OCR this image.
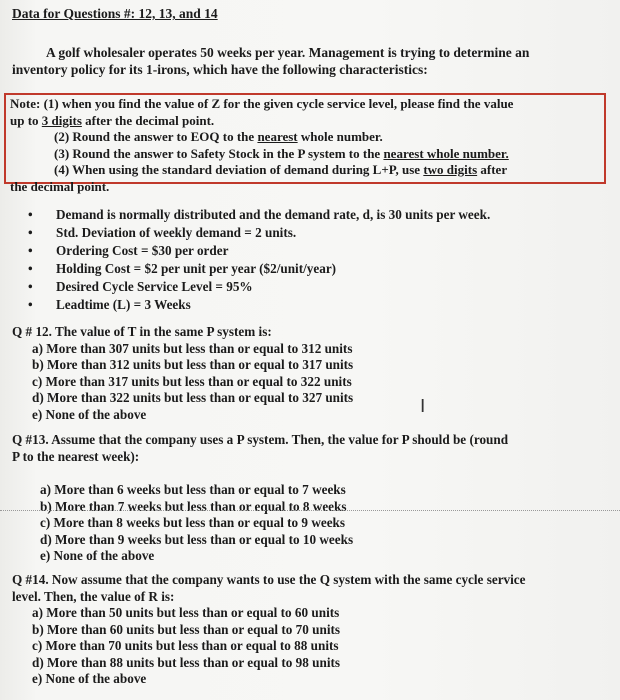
Data for Questions #: 12, 13, and 14
A golf wholesaler operates 50 weeks per year. Management is trying to determine an
inventory policy for its 1-irons, which have the following characteristics:
Note: (1) when you find the value of Z for the given cycle service level, please find the value
up to 3 digits after the decimal point.
(2) Round the answer to EOQ to the nearest whole number.
(3) Round the answer to Safety Stock in the P system to the nearest whole number.
(4) When using the standard deviation of demand during L+P, use two digits after
the decimal point.
•	Demand is normally distributed and the demand rate, d, is 30 units per week.
•	Std. Deviation of weekly demand = 2 units.
•	Ordering Cost = $30 per order
•	Holding Cost = $2 per unit per year ($2/unit/year)
•	Desired Cycle Service Level = 95%
•	Leadtime (L) = 3 Weeks
Q # 12. The value of T in the same P system is:
a) More than 307 units but less than or equal to 312 units
b) More than 312 units but less than or equal to 317 units
c) More than 317 units but less than or equal to 322 units
d) More than 322 units but less than or equal to 327 units
e) None of the above	I
Q #13. Assume that the company uses a P system. Then, the value for P should be (round
P to the nearest week):
a) More than 6 weeks but less than or equal to 7 weeks
b) More than 7 weeks but less than or equal to 8 weeks
c) More than 8 weeks but less than or equal to 9 weeks
d) More than 9 weeks but less than or equal to 10 weeks
e) None of the above
Q #14. Now assume that the company wants to use the Q system with the same cycle service
level. Then, the value of R is:
a) More than 50 units but less than or equal to 60 units
b) More than 60 units but less than or equal to 70 units
c) More than 70 units but less than or equal to 88 units
d) More than 88 units but less than or equal to 98 units
e) None of the above
